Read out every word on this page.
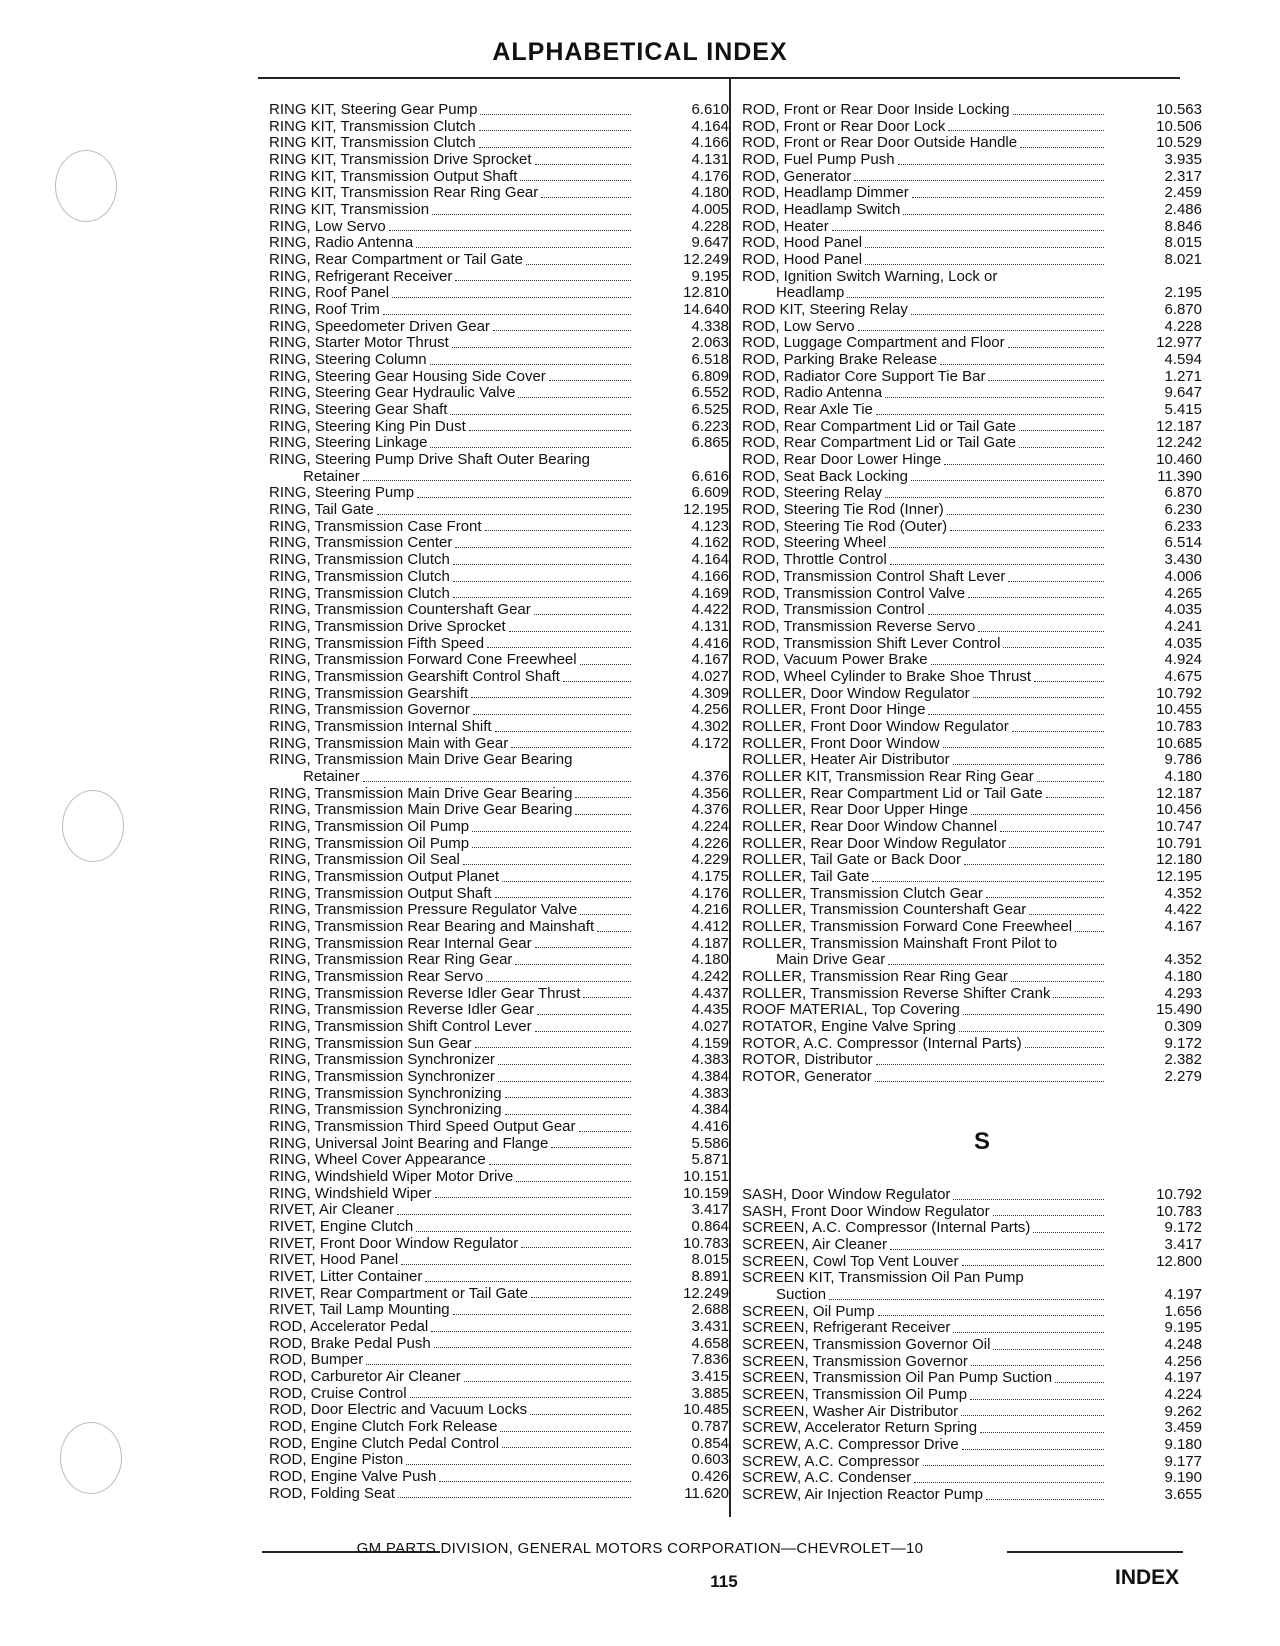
ALPHABETICAL INDEX
RING KIT, Steering Gear Pump	6.610
RING KIT, Transmission Clutch	4.164
RING KIT, Transmission Clutch	4.166
RING KIT, Transmission Drive Sprocket	4.131
RING KIT, Transmission Output Shaft	4.176
RING KIT, Transmission Rear Ring Gear	4.180
RING KIT, Transmission	4.005
RING, Low Servo	4.228
RING, Radio Antenna	9.647
RING, Rear Compartment or Tail Gate	12.249
RING, Refrigerant Receiver	9.195
RING, Roof Panel	12.810
RING, Roof Trim	14.640
RING, Speedometer Driven Gear	4.338
RING, Starter Motor Thrust	2.063
RING, Steering Column	6.518
RING, Steering Gear Housing Side Cover	6.809
RING, Steering Gear Hydraulic Valve	6.552
RING, Steering Gear Shaft	6.525
RING, Steering King Pin Dust	6.223
RING, Steering Linkage	6.865
RING, Steering Pump Drive Shaft Outer Bearing
Retainer	6.616
RING, Steering Pump	6.609
RING, Tail Gate	12.195
RING, Transmission Case Front	4.123
RING, Transmission Center	4.162
RING, Transmission Clutch	4.164
RING, Transmission Clutch	4.166
RING, Transmission Clutch	4.169
RING, Transmission Countershaft Gear	4.422
RING, Transmission Drive Sprocket	4.131
RING, Transmission Fifth Speed	4.416
RING, Transmission Forward Cone Freewheel	4.167
RING, Transmission Gearshift Control Shaft	4.027
RING, Transmission Gearshift	4.309
RING, Transmission Governor	4.256
RING, Transmission Internal Shift	4.302
RING, Transmission Main with Gear	4.172
RING, Transmission Main Drive Gear Bearing
Retainer	4.376
RING, Transmission Main Drive Gear Bearing	4.356
RING, Transmission Main Drive Gear Bearing	4.376
RING, Transmission Oil Pump	4.224
RING, Transmission Oil Pump	4.226
RING, Transmission Oil Seal	4.229
RING, Transmission Output Planet	4.175
RING, Transmission Output Shaft	4.176
RING, Transmission Pressure Regulator Valve	4.216
RING, Transmission Rear Bearing and Mainshaft	4.412
RING, Transmission Rear Internal Gear	4.187
RING, Transmission Rear Ring Gear	4.180
RING, Transmission Rear Servo	4.242
RING, Transmission Reverse Idler Gear Thrust	4.437
RING, Transmission Reverse Idler Gear	4.435
RING, Transmission Shift Control Lever	4.027
RING, Transmission Sun Gear	4.159
RING, Transmission Synchronizer	4.383
RING, Transmission Synchronizer	4.384
RING, Transmission Synchronizing	4.383
RING, Transmission Synchronizing	4.384
RING, Transmission Third Speed Output Gear	4.416
RING, Universal Joint Bearing and Flange	5.586
RING, Wheel Cover Appearance	5.871
RING, Windshield Wiper Motor Drive	10.151
RING, Windshield Wiper	10.159
RIVET, Air Cleaner	3.417
RIVET, Engine Clutch	0.864
RIVET, Front Door Window Regulator	10.783
RIVET, Hood Panel	8.015
RIVET, Litter Container	8.891
RIVET, Rear Compartment or Tail Gate	12.249
RIVET, Tail Lamp Mounting	2.688
ROD, Accelerator Pedal	3.431
ROD, Brake Pedal Push	4.658
ROD, Bumper	7.836
ROD, Carburetor Air Cleaner	3.415
ROD, Cruise Control	3.885
ROD, Door Electric and Vacuum Locks	10.485
ROD, Engine Clutch Fork Release	0.787
ROD, Engine Clutch Pedal Control	0.854
ROD, Engine Piston	0.603
ROD, Engine Valve Push	0.426
ROD, Folding Seat	11.620
ROD, Front or Rear Door Inside Locking	10.563
ROD, Front or Rear Door Lock	10.506
ROD, Front or Rear Door Outside Handle	10.529
ROD, Fuel Pump Push	3.935
ROD, Generator	2.317
ROD, Headlamp Dimmer	2.459
ROD, Headlamp Switch	2.486
ROD, Heater	8.846
ROD, Hood Panel	8.015
ROD, Hood Panel	8.021
ROD, Ignition Switch Warning, Lock or
Headlamp	2.195
ROD KIT, Steering Relay	6.870
ROD, Low Servo	4.228
ROD, Luggage Compartment and Floor	12.977
ROD, Parking Brake Release	4.594
ROD, Radiator Core Support Tie Bar	1.271
ROD, Radio Antenna	9.647
ROD, Rear Axle Tie	5.415
ROD, Rear Compartment Lid or Tail Gate	12.187
ROD, Rear Compartment Lid or Tail Gate	12.242
ROD, Rear Door Lower Hinge	10.460
ROD, Seat Back Locking	11.390
ROD, Steering Relay	6.870
ROD, Steering Tie Rod (Inner)	6.230
ROD, Steering Tie Rod (Outer)	6.233
ROD, Steering Wheel	6.514
ROD, Throttle Control	3.430
ROD, Transmission Control Shaft Lever	4.006
ROD, Transmission Control Valve	4.265
ROD, Transmission Control	4.035
ROD, Transmission Reverse Servo	4.241
ROD, Transmission Shift Lever Control	4.035
ROD, Vacuum Power Brake	4.924
ROD, Wheel Cylinder to Brake Shoe Thrust	4.675
ROLLER, Door Window Regulator	10.792
ROLLER, Front Door Hinge	10.455
ROLLER, Front Door Window Regulator	10.783
ROLLER, Front Door Window	10.685
ROLLER, Heater Air Distributor	9.786
ROLLER KIT, Transmission Rear Ring Gear	4.180
ROLLER, Rear Compartment Lid or Tail Gate	12.187
ROLLER, Rear Door Upper Hinge	10.456
ROLLER, Rear Door Window Channel	10.747
ROLLER, Rear Door Window Regulator	10.791
ROLLER, Tail Gate or Back Door	12.180
ROLLER, Tail Gate	12.195
ROLLER, Transmission Clutch Gear	4.352
ROLLER, Transmission Countershaft Gear	4.422
ROLLER, Transmission Forward Cone Freewheel	4.167
ROLLER, Transmission Mainshaft Front Pilot to
Main Drive Gear	4.352
ROLLER, Transmission Rear Ring Gear	4.180
ROLLER, Transmission Reverse Shifter Crank	4.293
ROOF MATERIAL, Top Covering	15.490
ROTATOR, Engine Valve Spring	0.309
ROTOR, A.C. Compressor (Internal Parts)	9.172
ROTOR, Distributor	2.382
ROTOR, Generator	2.279
S
SASH, Door Window Regulator	10.792
SASH, Front Door Window Regulator	10.783
SCREEN, A.C. Compressor (Internal Parts)	9.172
SCREEN, Air Cleaner	3.417
SCREEN, Cowl Top Vent Louver	12.800
SCREEN KIT, Transmission Oil Pan Pump
Suction	4.197
SCREEN, Oil Pump	1.656
SCREEN, Refrigerant Receiver	9.195
SCREEN, Transmission Governor Oil	4.248
SCREEN, Transmission Governor	4.256
SCREEN, Transmission Oil Pan Pump Suction	4.197
SCREEN, Transmission Oil Pump	4.224
SCREEN, Washer Air Distributor	9.262
SCREW, Accelerator Return Spring	3.459
SCREW, A.C. Compressor Drive	9.180
SCREW, A.C. Compressor	9.177
SCREW, A.C. Condenser	9.190
SCREW, Air Injection Reactor Pump	3.655
GM PARTS DIVISION, GENERAL MOTORS CORPORATION—CHEVROLET—10
115	INDEX
